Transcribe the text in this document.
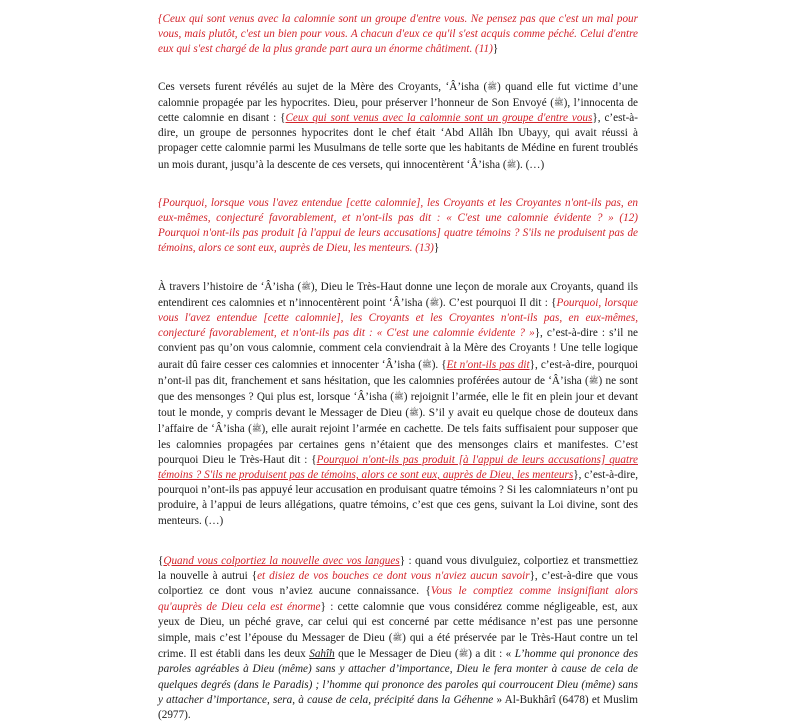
{Ceux qui sont venus avec la calomnie sont un groupe d'entre vous. Ne pensez pas que c'est un mal pour vous, mais plutôt, c'est un bien pour vous. A chacun d'eux ce qu'il s'est acquis comme péché. Celui d'entre eux qui s'est chargé de la plus grande part aura un énorme châtiment. (11)}

Ces versets furent révélés au sujet de la Mère des Croyants, ‘Â’isha (ﷺ) quand elle fut victime d’une calomnie propagée par les hypocrites. Dieu, pour préserver l’honneur de Son Envoyé (ﷺ), l’innocenta de cette calomnie en disant : {Ceux qui sont venus avec la calomnie sont un groupe d'entre vous}, c’est-à-dire, un groupe de personnes hypocrites dont le chef était ‘Abd Allâh Ibn Ubayy, qui avait réussi à propager cette calomnie parmi les Musulmans de telle sorte que les habitants de Médine en furent troublés un mois durant, jusqu’à la descente de ces versets, qui innocentèrent ‘Â’isha (ﷺ). (…)

{Pourquoi, lorsque vous l'avez entendue [cette calomnie], les Croyants et les Croyantes n'ont-ils pas, en eux-mêmes, conjecturé favorablement, et n'ont-ils pas dit : « C'est une calomnie évidente ? » (12) Pourquoi n'ont-ils pas produit [à l'appui de leurs accusations] quatre témoins ? S'ils ne produisent pas de témoins, alors ce sont eux, auprès de Dieu, les menteurs. (13)}

À travers l’histoire de ‘Â’isha (ﷺ), Dieu le Très-Haut donne une leçon de morale aux Croyants, quand ils entendirent ces calomnies et n’innocentèrent point ‘Â’isha (ﷺ). C’est pourquoi Il dit : {Pourquoi, lorsque vous l'avez entendue [cette calomnie], les Croyants et les Croyantes n'ont-ils pas, en eux-mêmes, conjecturé favorablement, et n'ont-ils pas dit : « C'est une calomnie évidente ? »}, c’est-à-dire : s’il ne convient pas qu’on vous calomnie, comment cela conviendrait à la Mère des Croyants ! Une telle logique aurait dû faire cesser ces calomnies et innocenter ‘Â’isha (ﷺ). {Et n'ont-ils pas dit}, c’est-à-dire, pourquoi n’ont-il pas dit, franchement et sans hésitation, que les calomnies proférées autour de ‘Â’isha (ﷺ) ne sont que des mensonges ? Qui plus est, lorsque ‘Â’isha (ﷺ) rejoignit l’armée, elle le fit en plein jour et devant tout le monde, y compris devant le Messager de Dieu (ﷺ). S’il y avait eu quelque chose de douteux dans l’affaire de ‘Â’isha (ﷺ), elle aurait rejoint l’armée en cachette. De tels faits suffisaient pour supposer que les calomnies propagées par certaines gens n’étaient que des mensonges clairs et manifestes. C’est pourquoi Dieu le Très-Haut dit : {Pourquoi n'ont-ils pas produit [à l'appui de leurs accusations] quatre témoins ? S'ils ne produisent pas de témoins, alors ce sont eux, auprès de Dieu, les menteurs}, c’est-à-dire, pourquoi n’ont-ils pas appuyé leur accusation en produisant quatre témoins ? Si les calomniateurs n’ont pu produire, à l’appui de leurs allégations, quatre témoins, c’est que ces gens, suivant la Loi divine, sont des menteurs. (…)

{Quand vous colportiez la nouvelle avec vos langues} : quand vous divulguiez, colportiez et transmettiez la nouvelle à autrui {et disiez de vos bouches ce dont vous n'aviez aucun savoir}, c’est-à-dire que vous colportiez ce dont vous n’aviez aucune connaissance. {Vous le comptiez comme insignifiant alors qu'auprès de Dieu cela est énorme} : cette calomnie que vous considérez comme négligeable, est, aux yeux de Dieu, un péché grave, car celui qui est concerné par cette médisance n’est pas une personne simple, mais c’est l’épouse du Messager de Dieu (ﷺ) qui a été préservée par le Très-Haut contre un tel crime. Il est établi dans les deux Sahîh que le Messager de Dieu (ﷺ) a dit : « L’homme qui prononce des paroles agréables à Dieu (même) sans y attacher d’importance, Dieu le fera monter à cause de cela de quelques degrés (dans le Paradis) ; l’homme qui prononce des paroles qui courroucent Dieu (même) sans y attacher d’importance, sera, à cause de cela, précipité dans la Géhenne » Al-Bukhârî (6478) et Muslim (2977).
